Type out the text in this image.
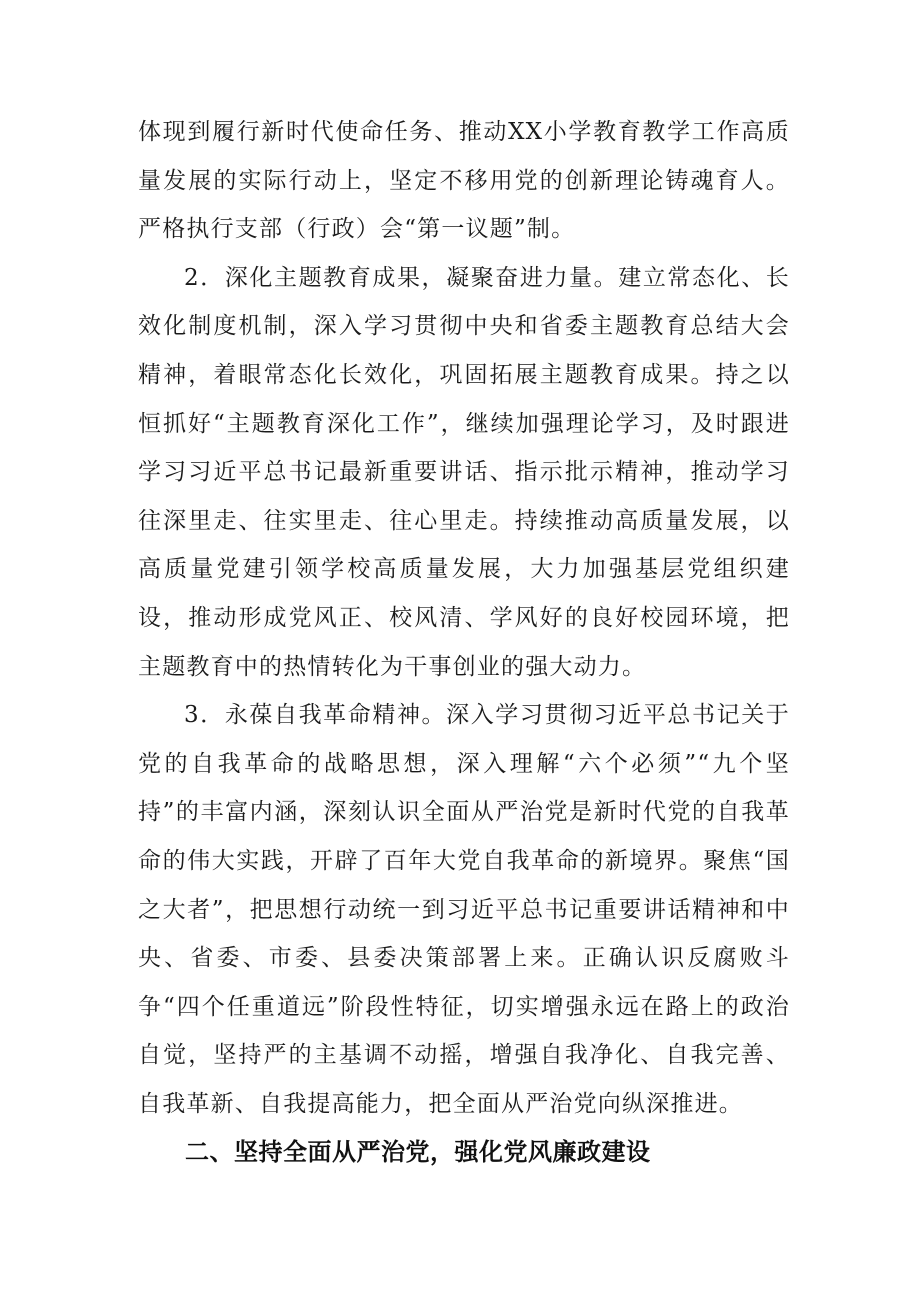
体现到履行新时代使命任务、推动XX小学教育教学工作高质量发展的实际行动上，坚定不移用党的创新理论铸魂育人。严格执行支部（行政）会“第一议题”制。

2．深化主题教育成果，凝聚奋进力量。建立常态化、长效化制度机制，深入学习贯彻中央和省委主题教育总结大会精神，着眼常态化长效化，巩固拓展主题教育成果。持之以恒抓好“主题教育深化工作”，继续加强理论学习，及时跟进学习习近平总书记最新重要讲话、指示批示精神，推动学习往深里走、往实里走、往心里走。持续推动高质量发展，以高质量党建引领学校高质量发展，大力加强基层党组织建设，推动形成党风正、校风清、学风好的良好校园环境，把主题教育中的热情转化为干事创业的强大动力。

3．永葆自我革命精神。深入学习贯彻习近平总书记关于党的自我革命的战略思想，深入理解“六个必须”“九个坚持”的丰富内涵，深刻认识全面从严治党是新时代党的自我革命的伟大实践，开辟了百年大党自我革命的新境界。聚焦“国之大者”，把思想行动统一到习近平总书记重要讲话精神和中央、省委、市委、县委决策部署上来。正确认识反腐败斗争“四个任重道远”阶段性特征，切实增强永远在路上的政治自觉，坚持严的主基调不动摇，增强自我净化、自我完善、自我革新、自我提高能力，把全面从严治党向纵深推进。

二、坚持全面从严治党，强化党风廉政建设
